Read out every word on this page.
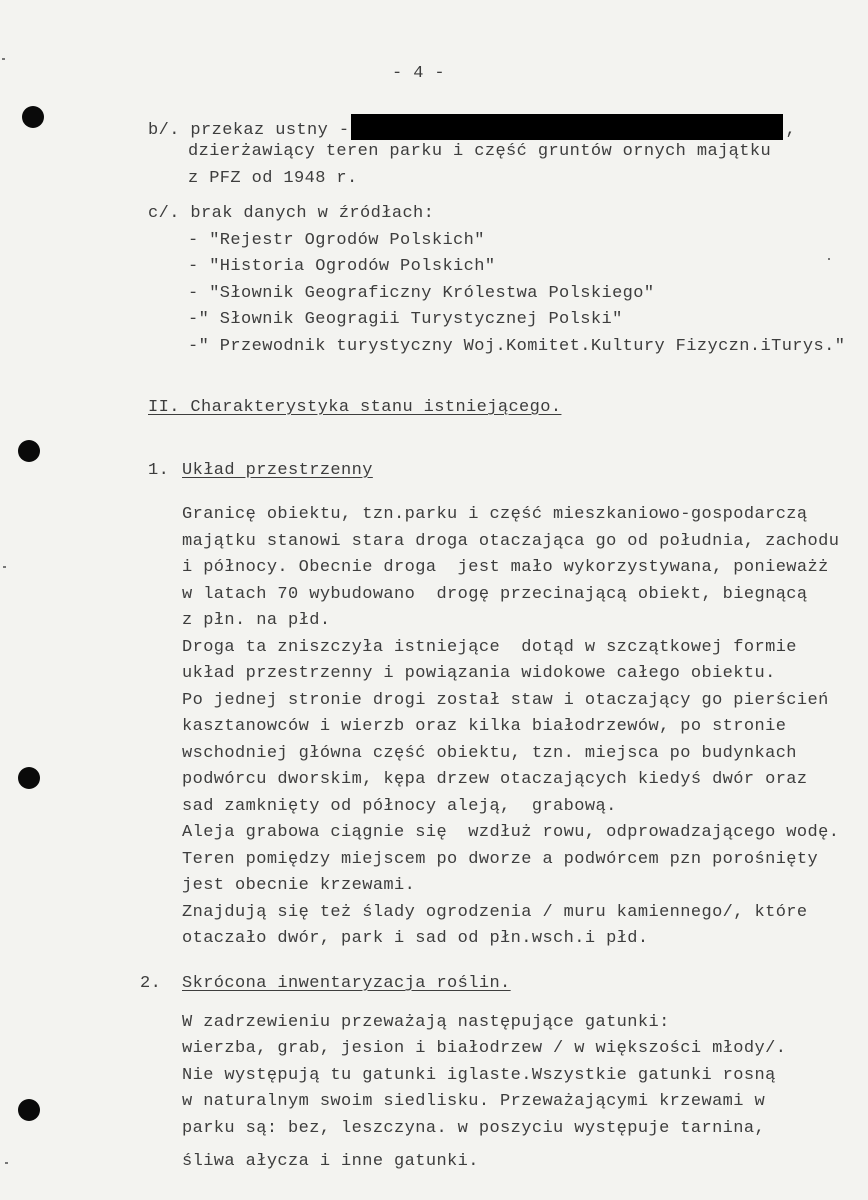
- 4 -
b/. przekaz ustny -	,
dzierżawiący teren parku i część gruntów ornych majątku
z PFZ od 1948 r.
c/. brak danych w źródłach:
- "Rejestr Ogrodów Polskich"
- "Historia Ogrodów Polskich"
- "Słownik Geograficzny Królestwa Polskiego"
-" Słownik Geogragii Turystycznej Polski"
-" Przewodnik turystyczny Woj.Komitet.Kultury Fizyczn.iTurys."
II. Charakterystyka stanu istniejącego.
1. Układ przestrzenny
Granicę obiektu, tzn.parku i część mieszkaniowo-gospodarczą
majątku stanowi stara droga otaczająca go od południa, zachodu
i północy. Obecnie droga  jest mało wykorzystywana, ponieważż
w latach 70 wybudowano  drogę przecinającą obiekt, biegnącą
z płn. na płd.
Droga ta zniszczyła istniejące  dotąd w szczątkowej formie
układ przestrzenny i powiązania widokowe całego obiektu.
Po jednej stronie drogi został staw i otaczający go pierścień
kasztanowców i wierzb oraz kilka białodrzewów, po stronie
wschodniej główna część obiektu, tzn. miejsca po budynkach
podwórcu dworskim, kępa drzew otaczających kiedyś dwór oraz
sad zamknięty od północy aleją,  grabową.
Aleja grabowa ciągnie się  wzdłuż rowu, odprowadzającego wodę.
Teren pomiędzy miejscem po dworze a podwórcem pzn porośnięty
jest obecnie krzewami.
Znajdują się też ślady ogrodzenia / muru kamiennego/, które
otaczało dwór, park i sad od płn.wsch.i płd.
2. Skrócona inwentaryzacja roślin.
W zadrzewieniu przeważają następujące gatunki:
wierzba, grab, jesion i białodrzew / w większości młody/.
Nie występują tu gatunki iglaste.Wszystkie gatunki rosną
w naturalnym swoim siedlisku. Przeważającymi krzewami w
parku są: bez, leszczyna. w poszyciu występuje tarnina,
śliwa ałycza i inne gatunki.
